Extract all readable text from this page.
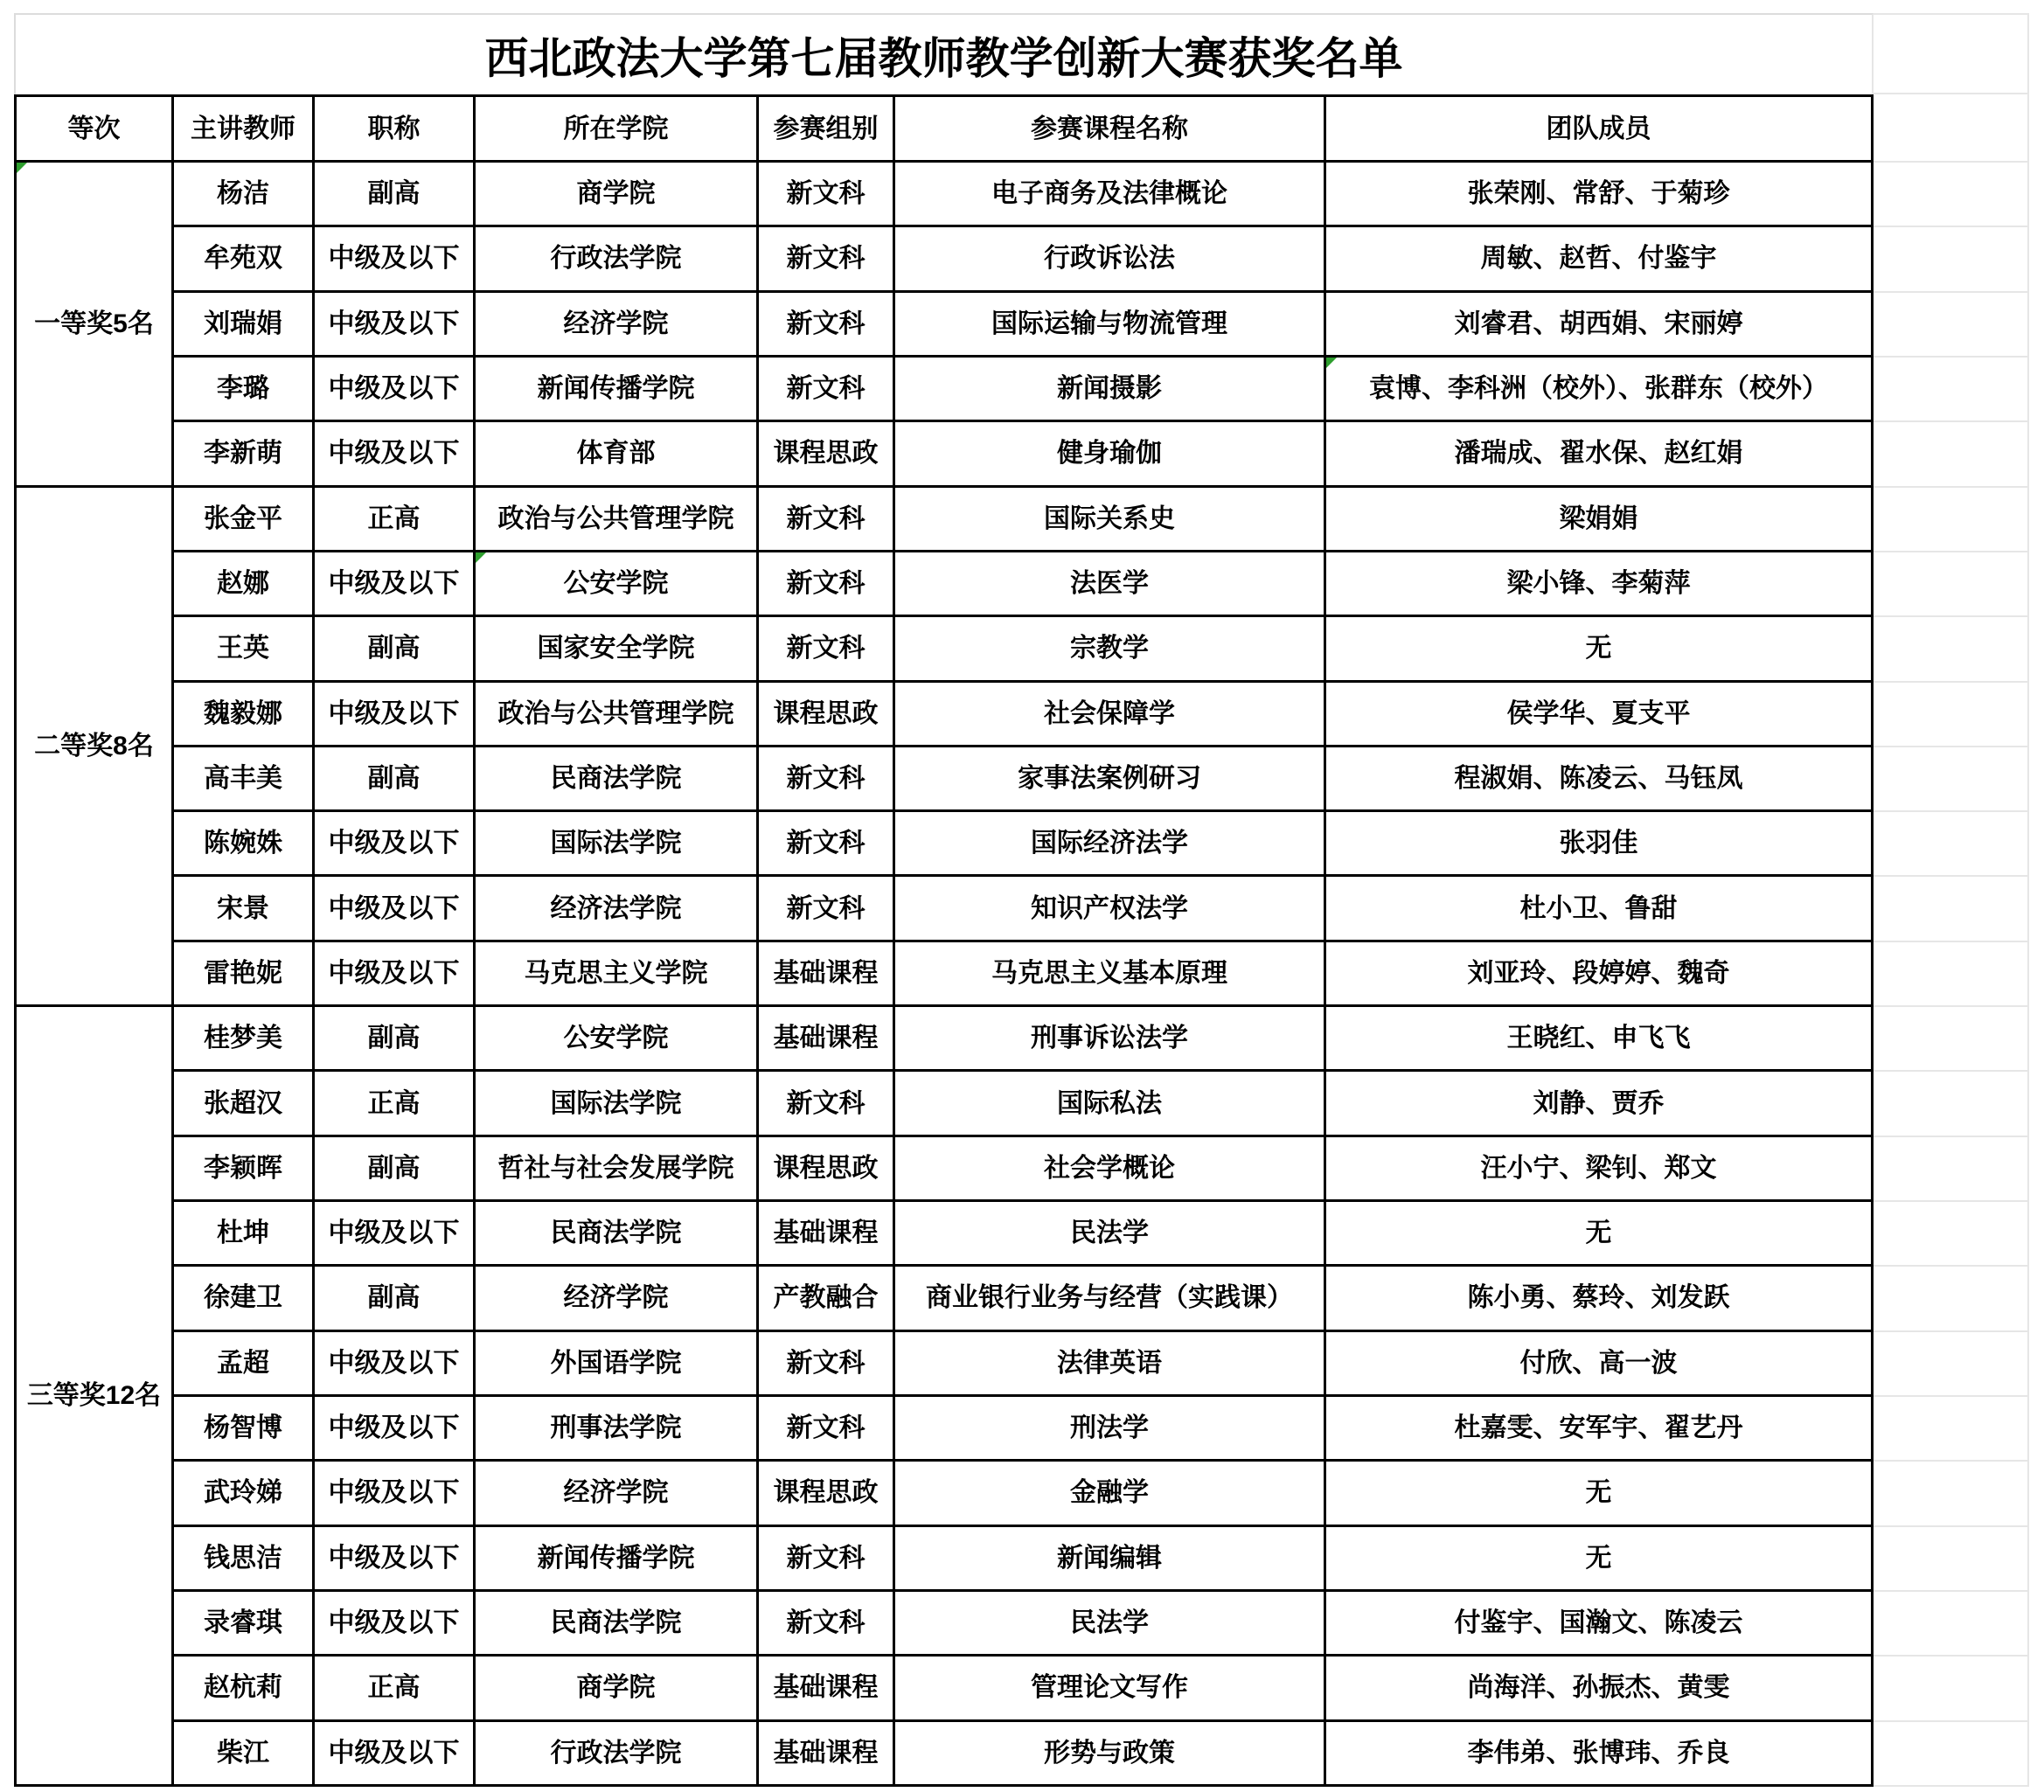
西北政法大学第七届教师教学创新大赛获奖名单
等次	主讲教师	职称	所在学院	参赛组别	参赛课程名称	团队成员
一等奖5名
杨洁	副高	商学院	新文科	电子商务及法律概论	张荣刚、常舒、于菊珍
牟苑双	中级及以下	行政法学院	新文科	行政诉讼法	周敏、赵哲、付鉴宇
刘瑞娟	中级及以下	经济学院	新文科	国际运输与物流管理	刘睿君、胡西娟、宋丽婷
李璐	中级及以下	新闻传播学院	新文科	新闻摄影	袁博、李科洲（校外）、张群东（校外）
李新萌	中级及以下	体育部	课程思政	健身瑜伽	潘瑞成、翟水保、赵红娟
二等奖8名
张金平	正高	政治与公共管理学院	新文科	国际关系史	梁娟娟
赵娜	中级及以下	公安学院	新文科	法医学	梁小锋、李菊萍
王英	副高	国家安全学院	新文科	宗教学	无
魏毅娜	中级及以下	政治与公共管理学院	课程思政	社会保障学	侯学华、夏支平
高丰美	副高	民商法学院	新文科	家事法案例研习	程淑娟、陈凌云、马钰凤
陈婉姝	中级及以下	国际法学院	新文科	国际经济法学	张羽佳
宋景	中级及以下	经济法学院	新文科	知识产权法学	杜小卫、鲁甜
雷艳妮	中级及以下	马克思主义学院	基础课程	马克思主义基本原理	刘亚玲、段婷婷、魏奇
三等奖12名
桂梦美	副高	公安学院	基础课程	刑事诉讼法学	王晓红、申飞飞
张超汉	正高	国际法学院	新文科	国际私法	刘静、贾乔
李颖晖	副高	哲社与社会发展学院	课程思政	社会学概论	汪小宁、梁钊、郑文
杜坤	中级及以下	民商法学院	基础课程	民法学	无
徐建卫	副高	经济学院	产教融合	商业银行业务与经营（实践课）	陈小勇、蔡玲、刘发跃
孟超	中级及以下	外国语学院	新文科	法律英语	付欣、高一波
杨智博	中级及以下	刑事法学院	新文科	刑法学	杜嘉雯、安军宇、翟艺丹
武玲娣	中级及以下	经济学院	课程思政	金融学	无
钱思洁	中级及以下	新闻传播学院	新文科	新闻编辑	无
录睿琪	中级及以下	民商法学院	新文科	民法学	付鉴宇、国瀚文、陈凌云
赵杭莉	正高	商学院	基础课程	管理论文写作	尚海洋、孙振杰、黄雯
柴江	中级及以下	行政法学院	基础课程	形势与政策	李伟弟、张博玮、乔良
